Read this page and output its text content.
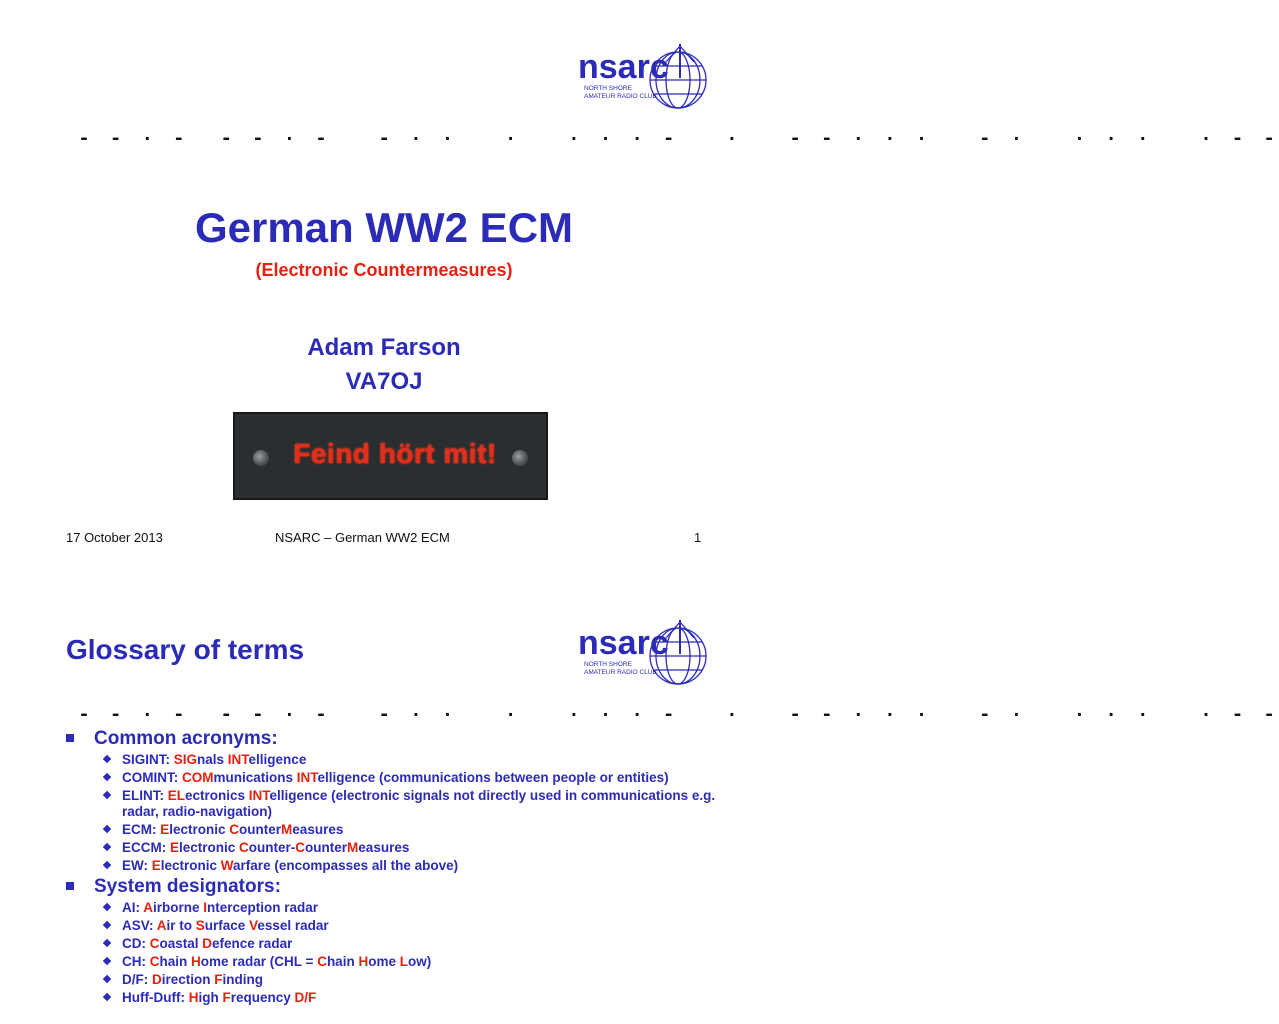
nsarc
NORTH SHORE
AMATEUR RADIO CLUB
- - · -  - - · -   - · ·   ·   · · · -   ·   - - · · ·   - ·   · · ·   · - -
German WW2 ECM
(Electronic Countermeasures)
Adam Farson
VA7OJ
Feind hört mit!
17 October 2013	NSARC – German WW2 ECM	1
Glossary of terms	nsarc
NORTH SHORE
AMATEUR RADIO CLUB
- - · -  - - · -   - · ·   ·   · · · -   ·   - - · · ·   - ·   · · ·   · - -
Common acronyms:
SIGINT: SIGnals INTelligence
COMINT: COMmunications INTelligence (communications between people or entities)
ELINT: ELectronics INTelligence (electronic signals not directly used in communications e.g. radar, radio-navigation)
ECM: Electronic CounterMeasures
ECCM: Electronic Counter-CounterMeasures
EW: Electronic Warfare (encompasses all the above)
System designators:
AI: Airborne Interception radar
ASV: Air to Surface Vessel radar
CD: Coastal Defence radar
CH: Chain Home radar (CHL = Chain Home Low)
D/F: Direction Finding
Huff-Duff: High Frequency D/F
